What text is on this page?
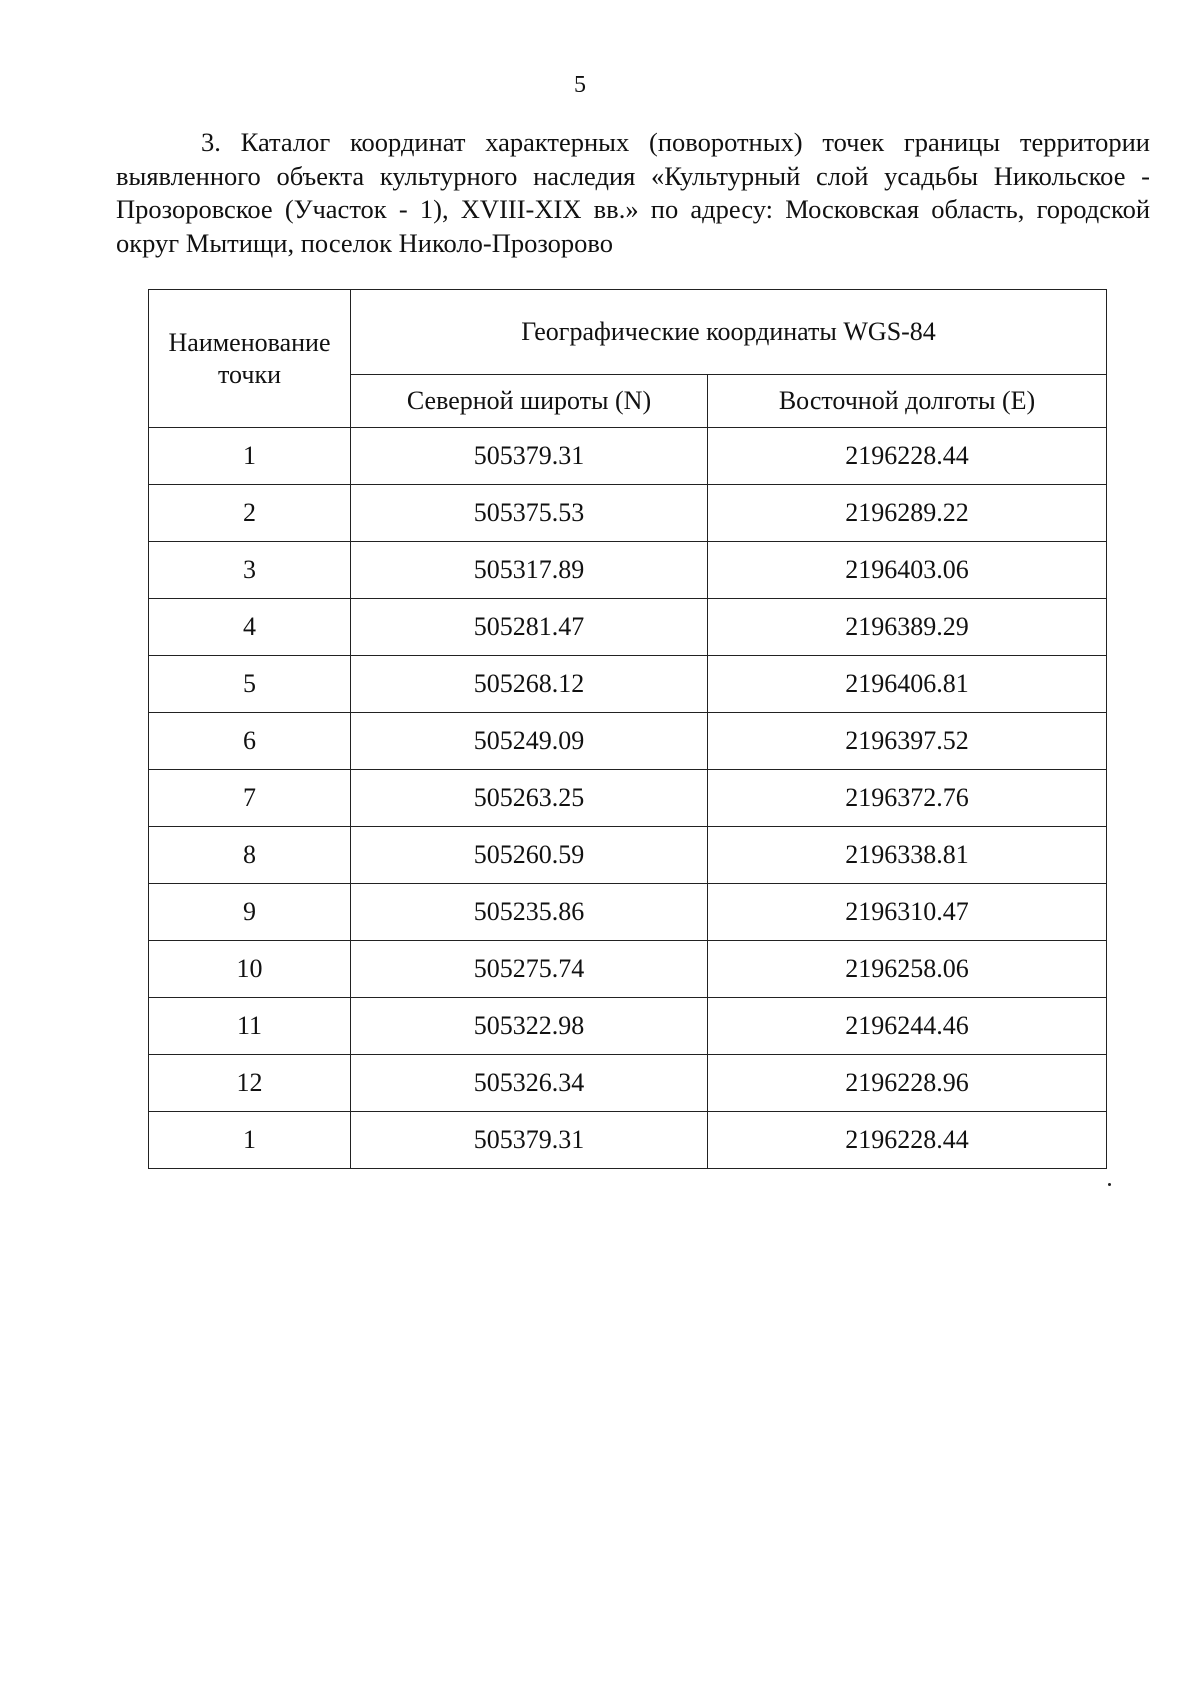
5

3. Каталог координат характерных (поворотных) точек границы территории выявленного объекта культурного наследия «Культурный слой усадьбы Никольское - Прозоровское (Участок - 1), XVIII-XIX вв.» по адресу: Московская область, городской округ Мытищи, поселок Николо-Прозорово

Наименование
точки	Географические координаты WGS-84	
	Северной широты (N)	Восточной долготы (E)
1	505379.31	2196228.44
2	505375.53	2196289.22
3	505317.89	2196403.06
4	505281.47	2196389.29
5	505268.12	2196406.81
6	505249.09	2196397.52
7	505263.25	2196372.76
8	505260.59	2196338.81
9	505235.86	2196310.47
10	505275.74	2196258.06
11	505322.98	2196244.46
12	505326.34	2196228.96
1	505379.31	2196228.44
